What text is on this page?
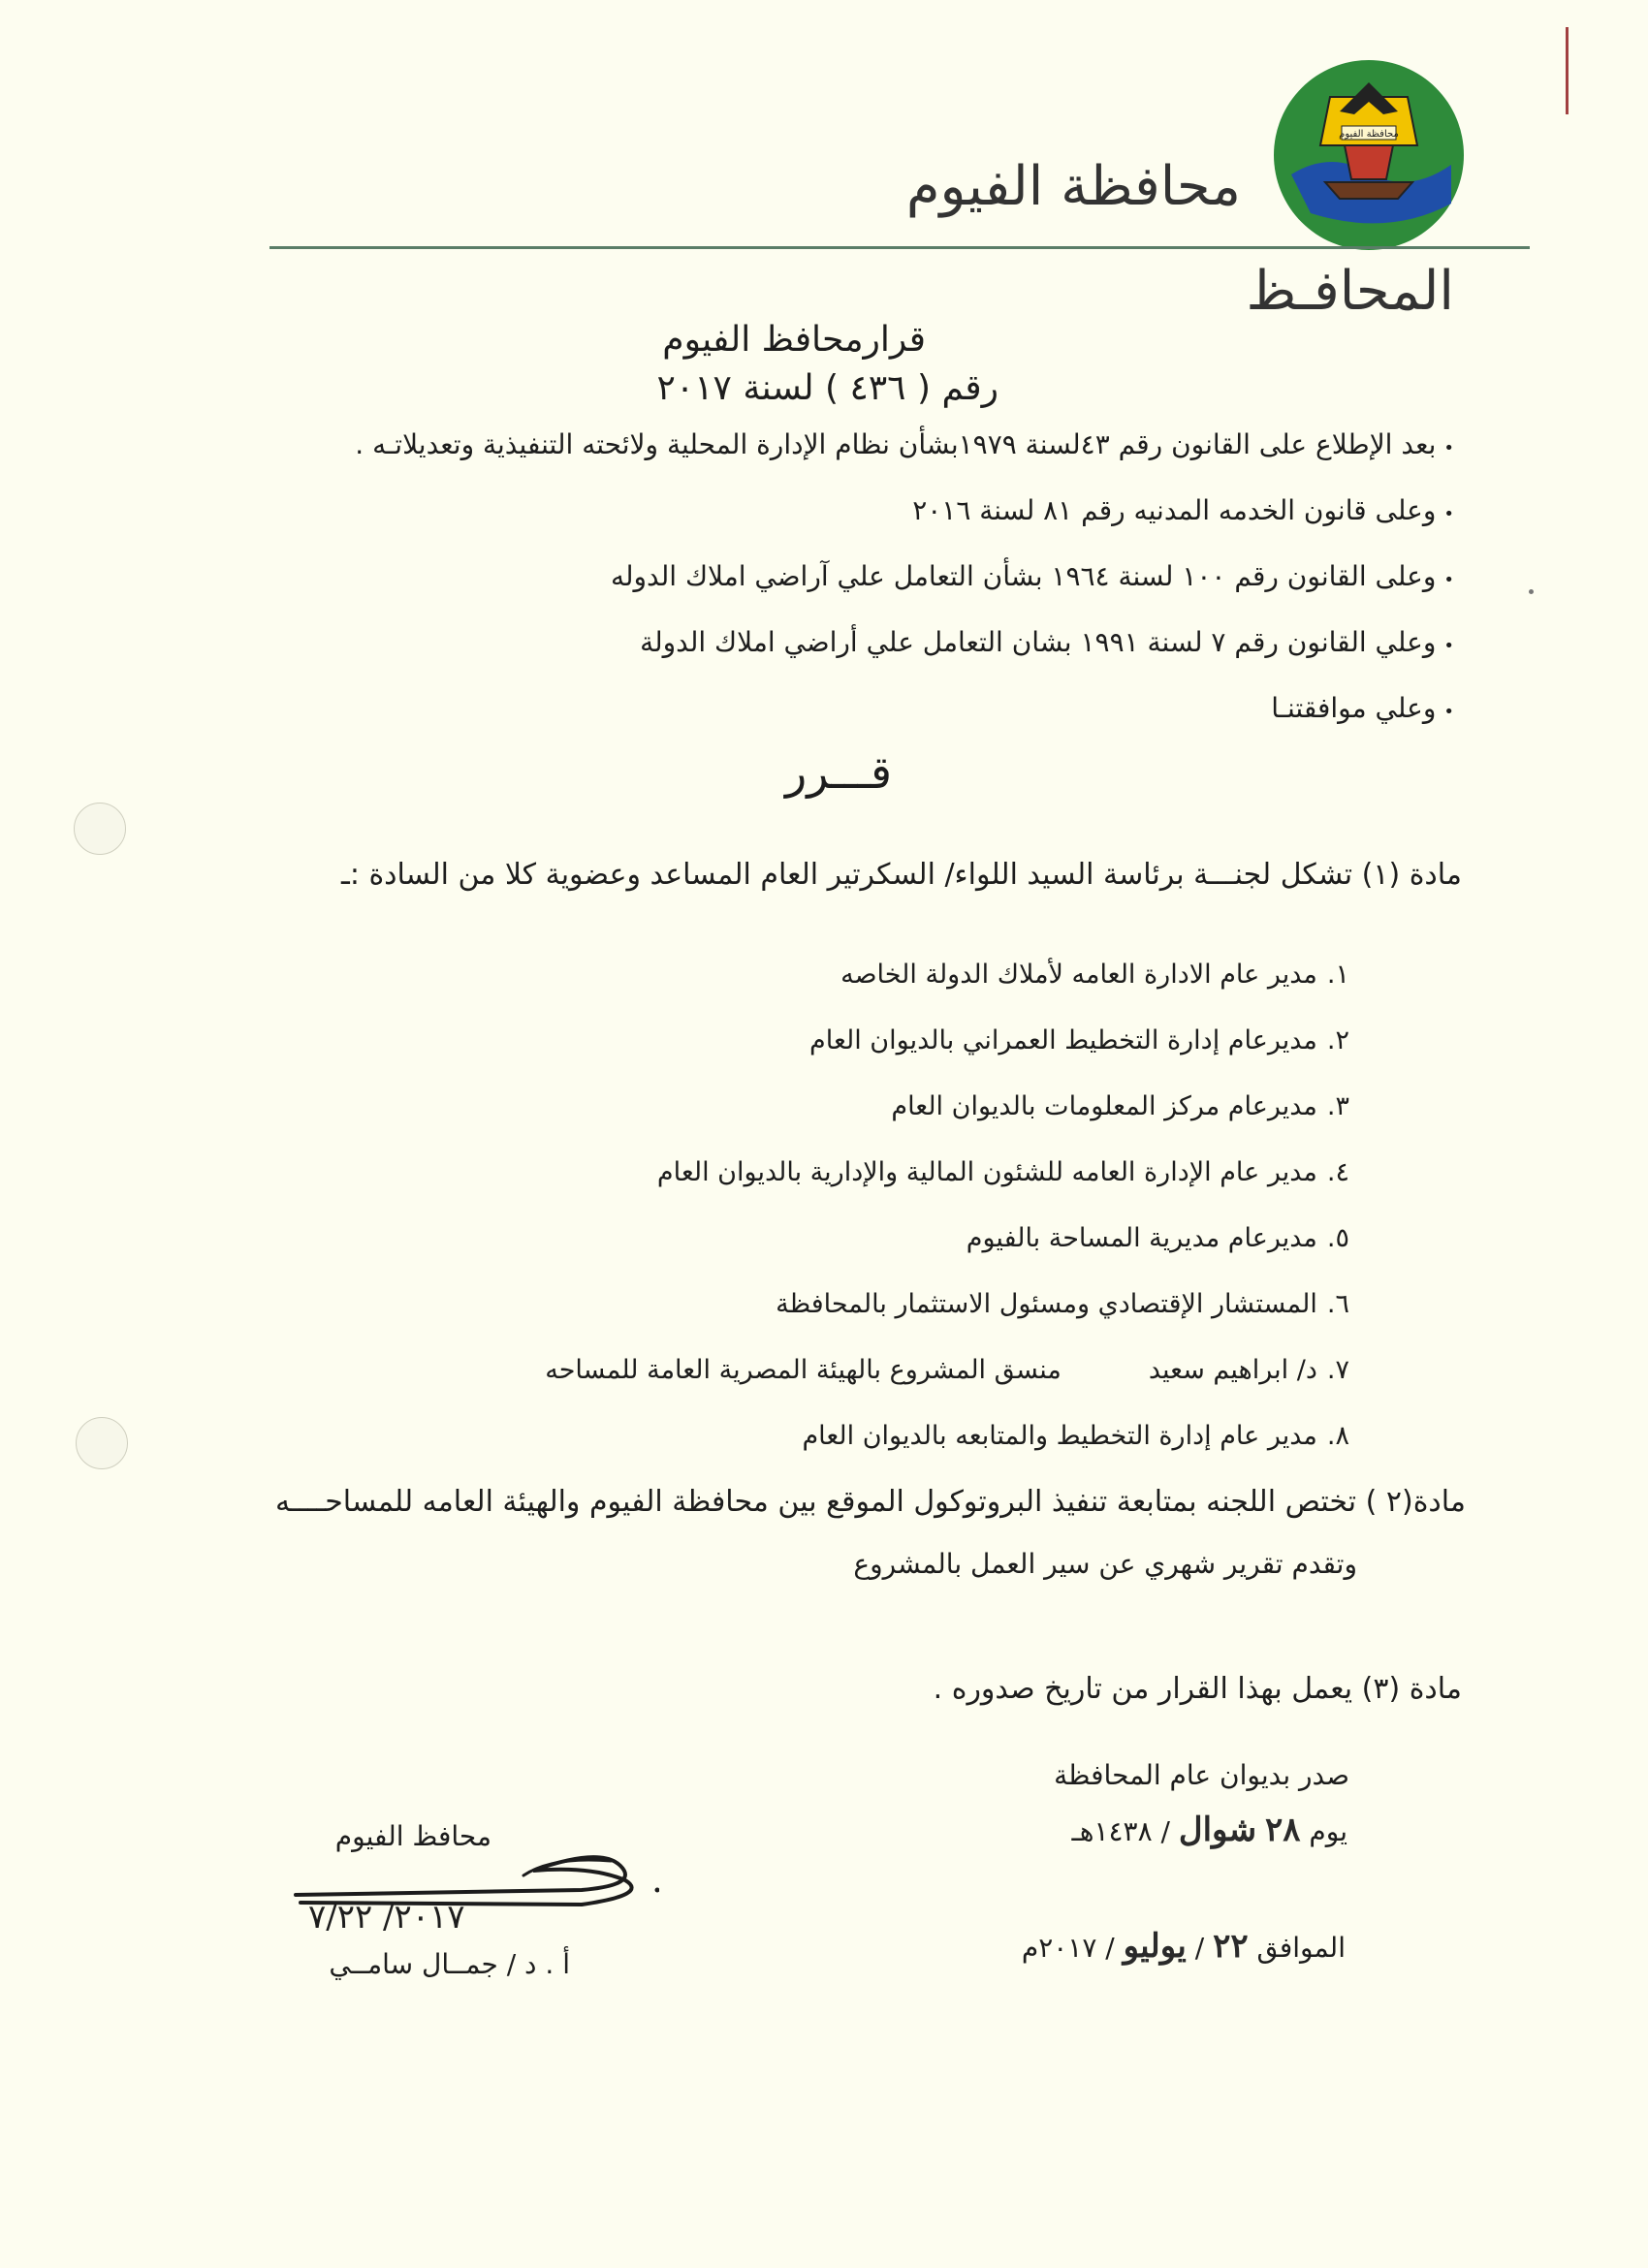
محافظة الفيوم
محافظة الفيوم
المحافـظ
قرارمحافظ الفيوم
رقم ( ٤٣٦ ) لسنة ٢٠١٧
• بعد الإطلاع على القانون رقم ٤٣لسنة ١٩٧٩بشأن نظام الإدارة المحلية ولائحته التنفيذية وتعديلاتـه .
• وعلى قانون الخدمه المدنيه رقم ٨١ لسنة ٢٠١٦
• وعلى القانون رقم ١٠٠ لسنة ١٩٦٤ بشأن التعامل علي آراضي املاك الدوله
• وعلي القانون رقم ٧ لسنة ١٩٩١ بشان التعامل علي أراضي املاك الدولة
• وعلي موافقتنـا
قـــرر
مادة (١) تشكل لجنـــة برئاسة السيد اللواء/ السكرتير العام المساعد وعضوية كلا من السادة :ـ
١.مدير عام الادارة العامه لأملاك الدولة الخاصه
٢.مديرعام إدارة التخطيط العمراني بالديوان العام
٣.مديرعام مركز المعلومات بالديوان العام
٤.مدير عام الإدارة العامه للشئون المالية والإدارية بالديوان العام
٥.مديرعام مديرية المساحة بالفيوم
٦.المستشار الإقتصادي ومسئول الاستثمار بالمحافظة
٧.د/ ابراهيم سعيدمنسق المشروع بالهيئة المصرية العامة للمساحه
٨.مدير عام إدارة التخطيط والمتابعه بالديوان العام
مادة(٢ ) تختص اللجنه بمتابعة تنفيذ البروتوكول الموقع بين محافظة الفيوم والهيئة العامه للمساحــــه
وتقدم تقرير شهري عن سير العمل بالمشروع
مادة (٣) يعمل بهذا القرار من تاريخ صدوره .
صدر بديوان عام المحافظة
يوم ٢٨ شوال / ١٤٣٨هـ
الموافق ٢٢ / يوليو / ٢٠١٧م
محافظ الفيوم
٢٠١٧/ ٧/٢٢
أ . د / جمــال سامــي
